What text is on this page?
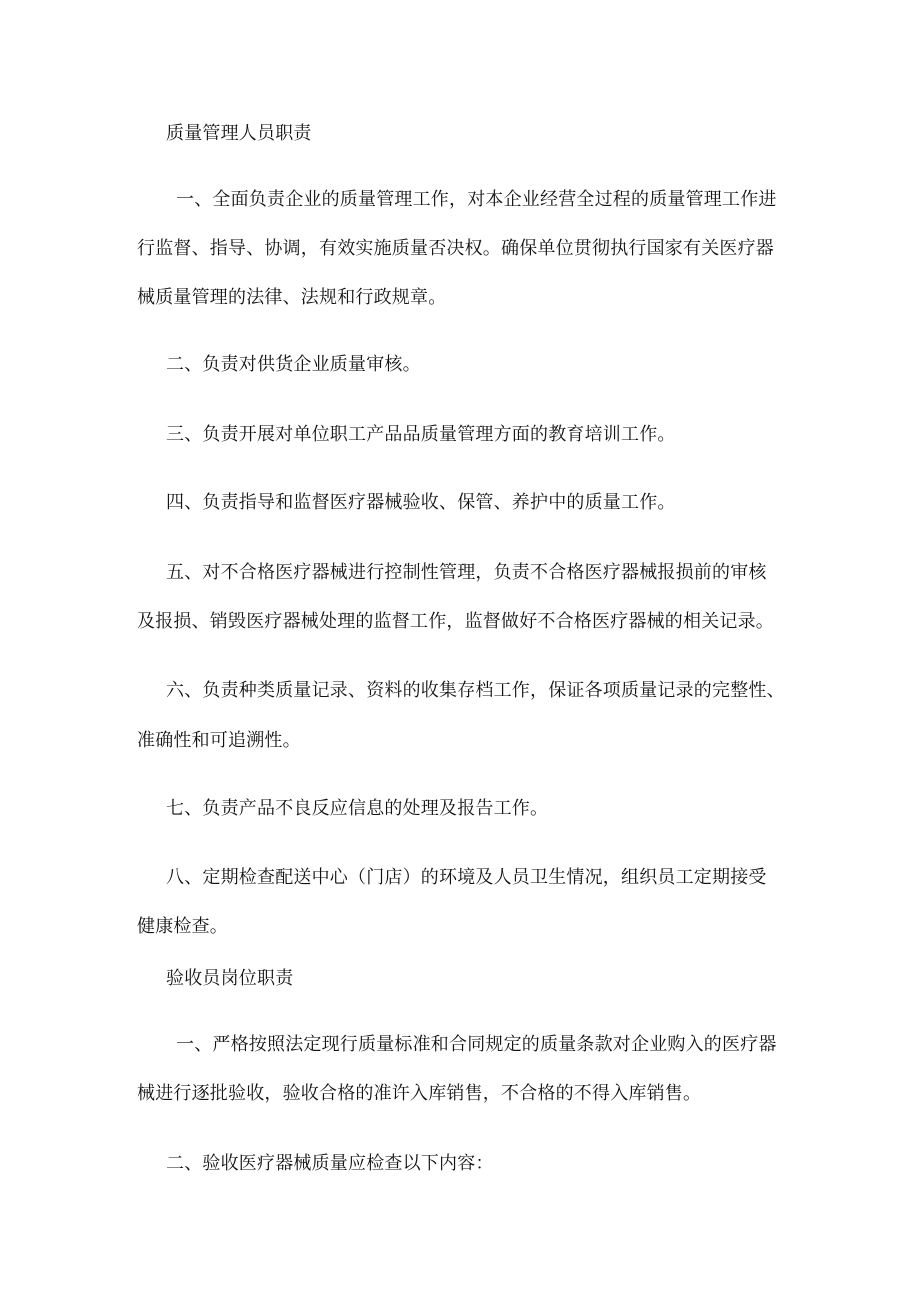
质量管理人员职责
一、全面负责企业的质量管理工作，对本企业经营全过程的质量管理工作进
行监督、指导、协调，有效实施质量否决权。确保单位贯彻执行国家有关医疗器
械质量管理的法律、法规和行政规章。
二、负责对供货企业质量审核。
三、负责开展对单位职工产品品质量管理方面的教育培训工作。
四、负责指导和监督医疗器械验收、保管、养护中的质量工作。
五、对不合格医疗器械进行控制性管理，负责不合格医疗器械报损前的审核
及报损、销毁医疗器械处理的监督工作，监督做好不合格医疗器械的相关记录。
六、负责种类质量记录、资料的收集存档工作，保证各项质量记录的完整性、
准确性和可追溯性。
七、负责产品不良反应信息的处理及报告工作。
八、定期检查配送中心（门店）的环境及人员卫生情况，组织员工定期接受
健康检查。
验收员岗位职责
一、严格按照法定现行质量标准和合同规定的质量条款对企业购入的医疗器
械进行逐批验收，验收合格的准许入库销售，不合格的不得入库销售。
二、验收医疗器械质量应检查以下内容：
